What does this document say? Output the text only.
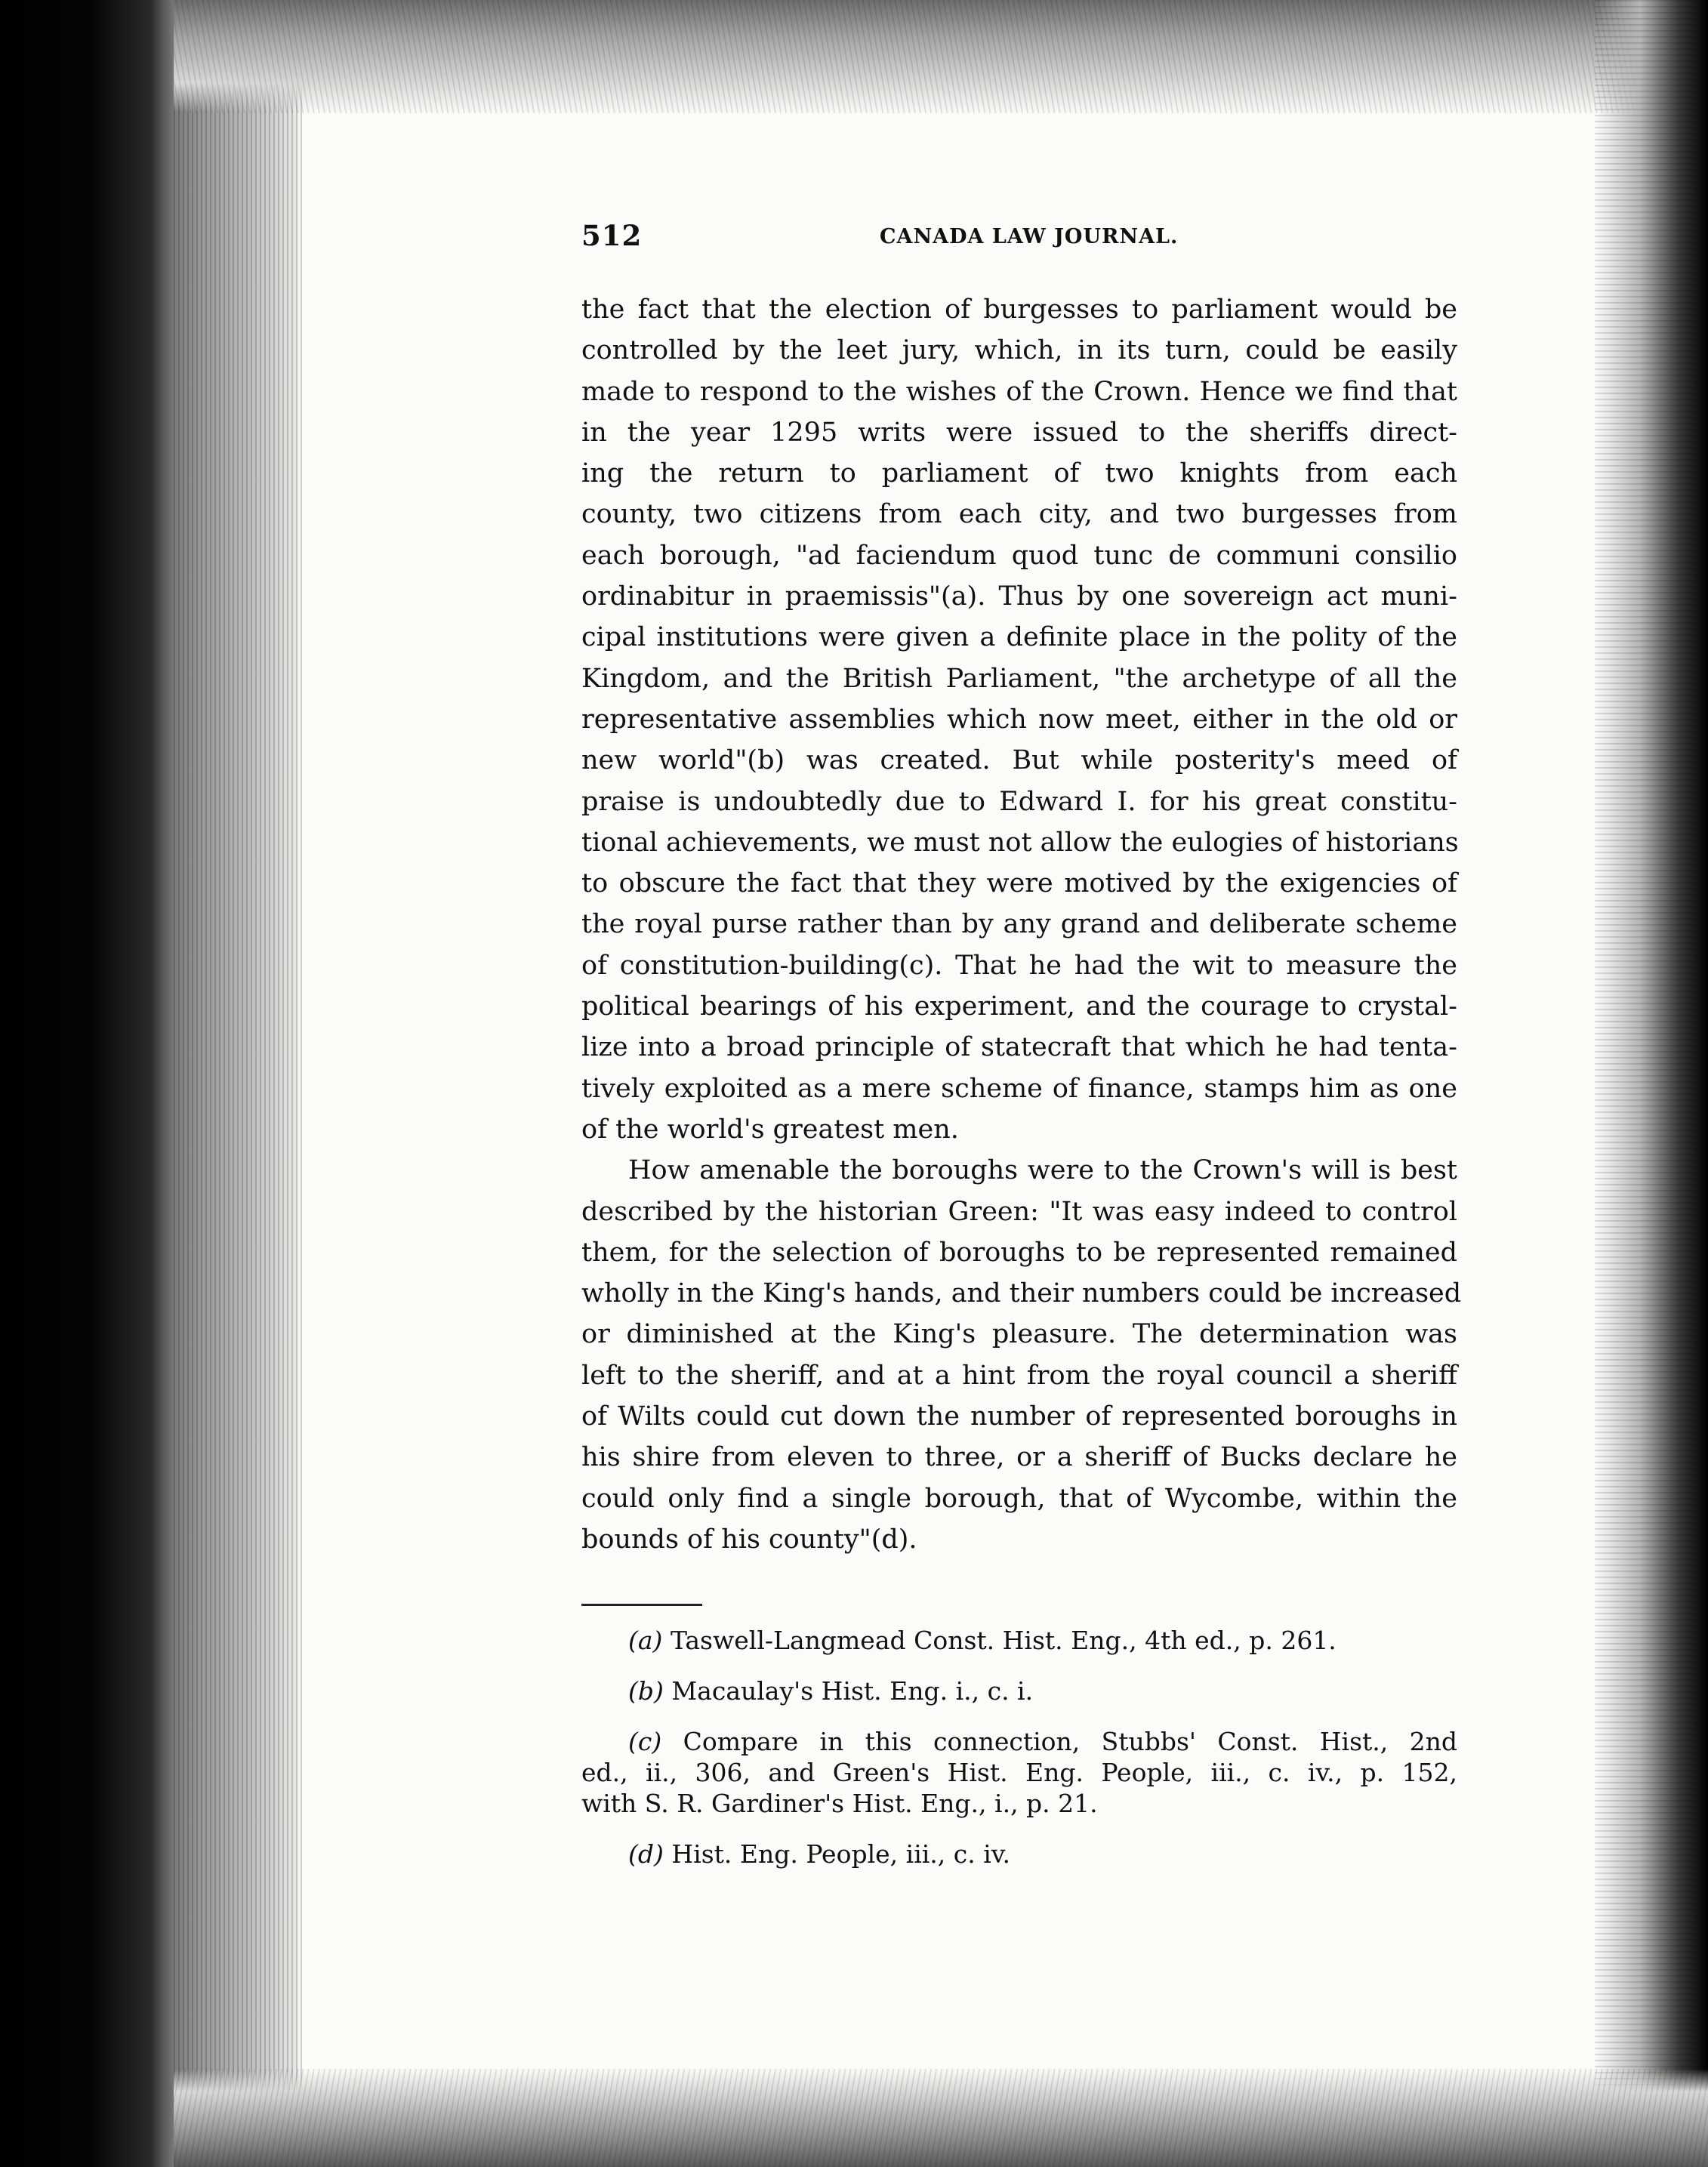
512	CANADA LAW JOURNAL.
the fact that the election of burgesses to parliament would be
controlled by the leet jury, which, in its turn, could be easily
made to respond to the wishes of the Crown. Hence we find that
in the year 1295 writs were issued to the sheriffs direct-
ing the return to parliament of two knights from each
county, two citizens from each city, and two burgesses from
each borough, "ad faciendum quod tunc de communi consilio
ordinabitur in praemissis"(a). Thus by one sovereign act muni-
cipal institutions were given a definite place in the polity of the
Kingdom, and the British Parliament, "the archetype of all the
representative assemblies which now meet, either in the old or
new world"(b) was created. But while posterity's meed of
praise is undoubtedly due to Edward I. for his great constitu-
tional achievements, we must not allow the eulogies of historians
to obscure the fact that they were motived by the exigencies of
the royal purse rather than by any grand and deliberate scheme
of constitution-building(c). That he had the wit to measure the
political bearings of his experiment, and the courage to crystal-
lize into a broad principle of statecraft that which he had tenta-
tively exploited as a mere scheme of finance, stamps him as one
of the world's greatest men.
How amenable the boroughs were to the Crown's will is best
described by the historian Green: "It was easy indeed to control
them, for the selection of boroughs to be represented remained
wholly in the King's hands, and their numbers could be increased
or diminished at the King's pleasure. The determination was
left to the sheriff, and at a hint from the royal council a sheriff
of Wilts could cut down the number of represented boroughs in
his shire from eleven to three, or a sheriff of Bucks declare he
could only find a single borough, that of Wycombe, within the
bounds of his county"(d).
(a) Taswell-Langmead Const. Hist. Eng., 4th ed., p. 261.
(b) Macaulay's Hist. Eng. i., c. i.
(c) Compare in this connection, Stubbs' Const. Hist., 2nd
ed., ii., 306, and Green's Hist. Eng. People, iii., c. iv., p. 152,
with S. R. Gardiner's Hist. Eng., i., p. 21.
(d) Hist. Eng. People, iii., c. iv.
